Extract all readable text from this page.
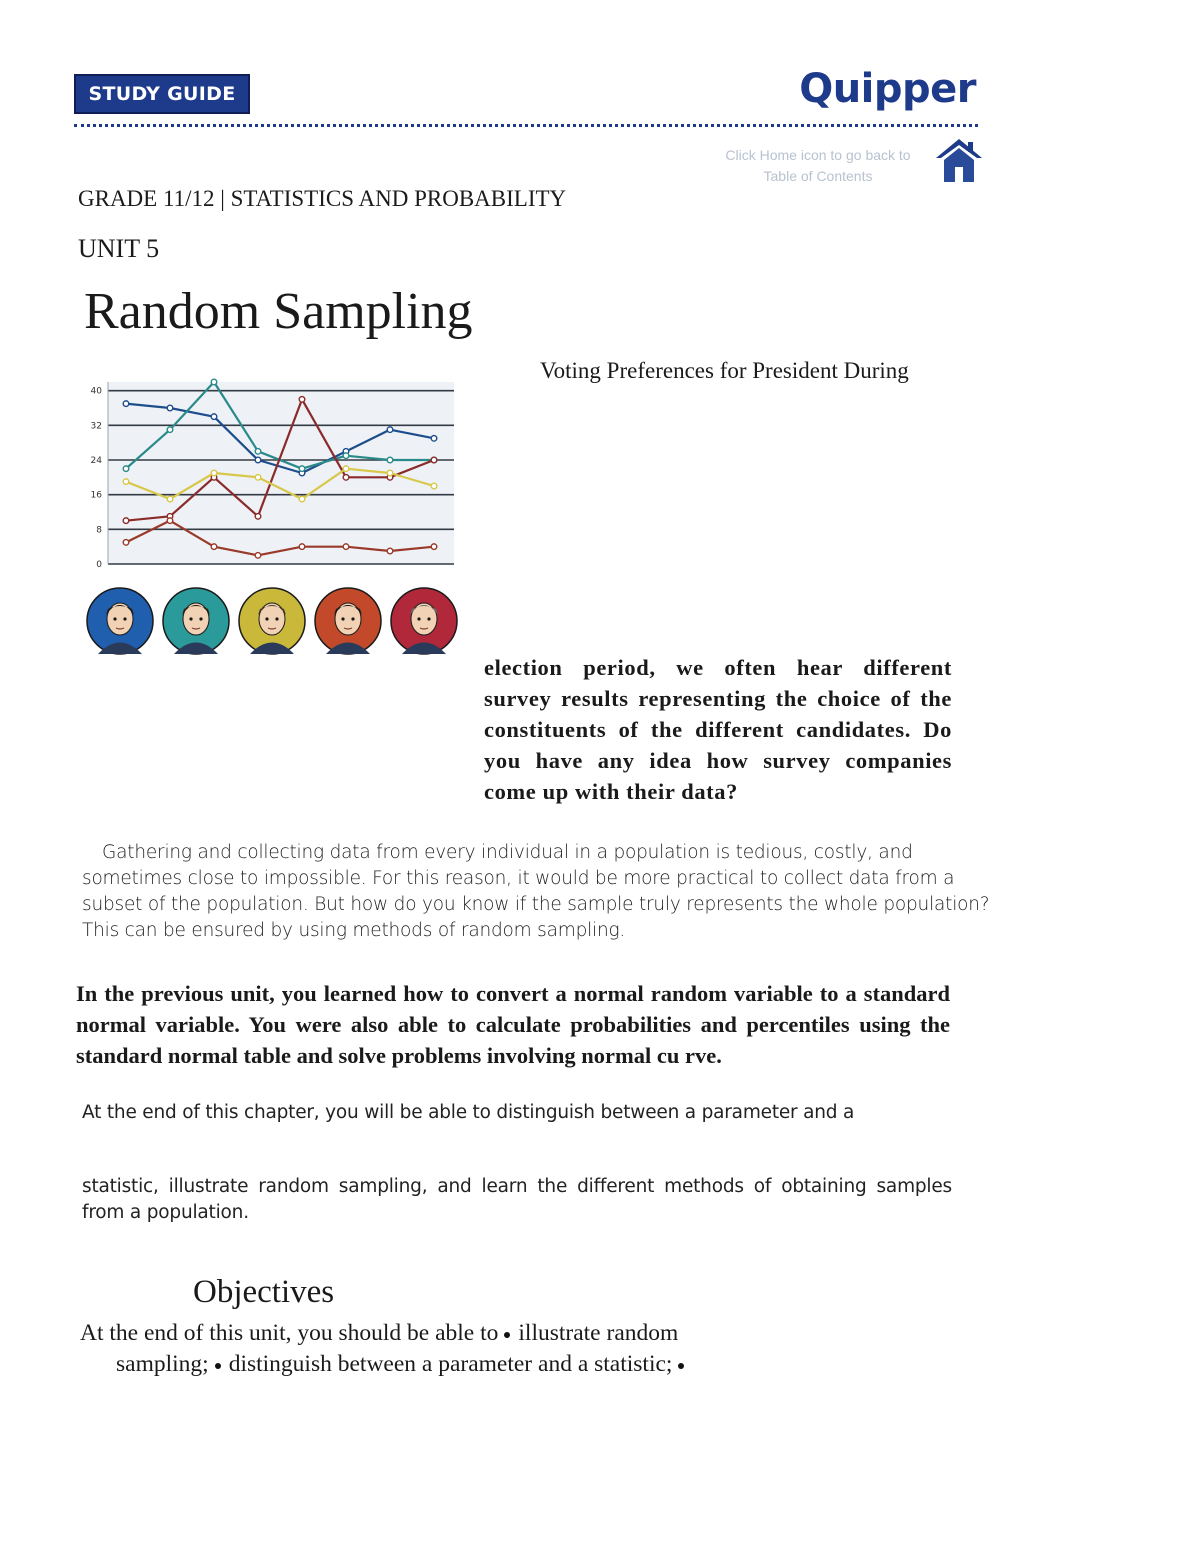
STUDY GUIDE	Quipper
Click Home icon to go back to
Table of Contents
GRADE 11/12 | STATISTICS AND PROBABILITY
UNIT 5
Random Sampling
0
8
16
24
32
40
Voting Preferences for President During
election period, we often hear different survey results representing the choice of the constituents of the different candidates. Do you have any idea how survey companies come up with their data?
Gathering and collecting data from every individual in a population is tedious, costly, and
sometimes close to impossible. For this reason, it would be more practical to collect data from a subset of the population. But how do you know if the sample truly represents the whole population? This can be ensured by using methods of random sampling.
In the previous unit, you learned how to convert a normal random variable to a standard normal variable. You were also able to calculate probabilities and percentiles using the standard normal table and solve problems involving normal cu rve.
At the end of this chapter, you will be able to distinguish between a parameter and a
statistic, illustrate random sampling, and learn the different methods of obtaining samples from a population.
Objectives
At the end of this unit, you should be able to illustrate random
sampling; distinguish between a parameter and a statistic;
